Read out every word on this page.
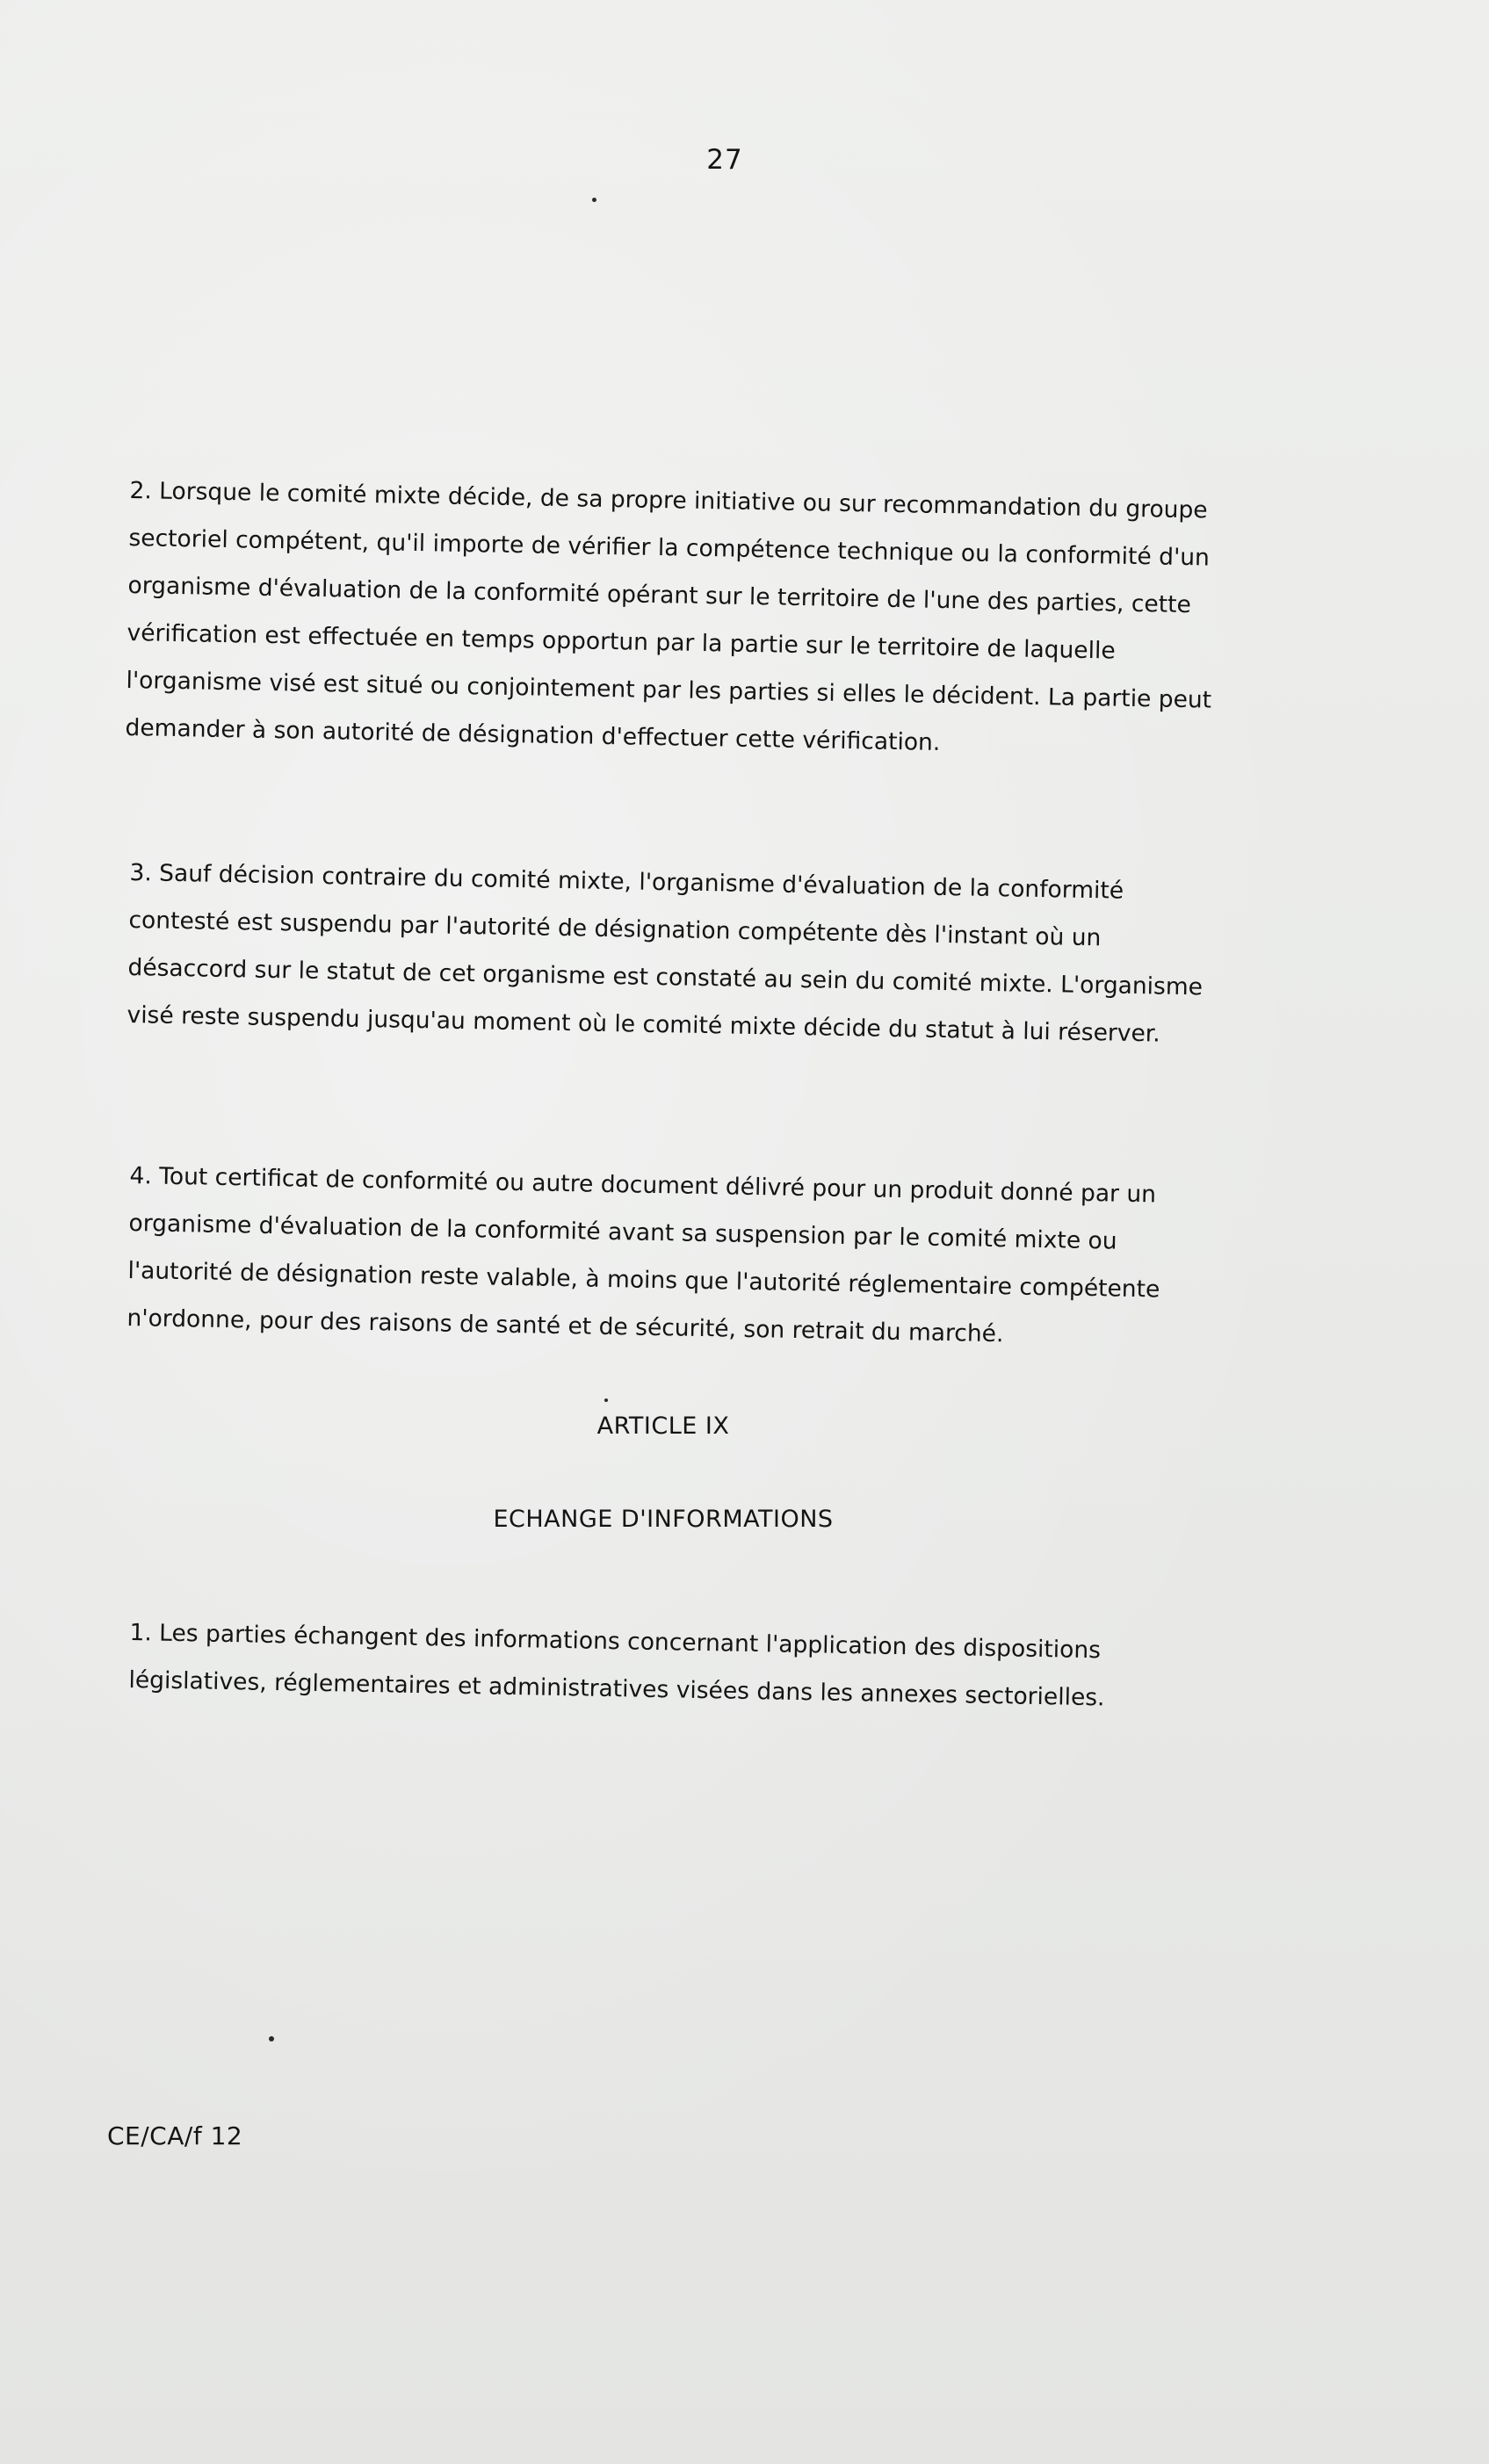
27

2. Lorsque le comité mixte décide, de sa propre initiative ou sur recommandation du groupe sectoriel compétent, qu'il importe de vérifier la compétence technique ou la conformité d'un organisme d'évaluation de la conformité opérant sur le territoire de l'une des parties, cette vérification est effectuée en temps opportun par la partie sur le territoire de laquelle l'organisme visé est situé ou conjointement par les parties si elles le décident. La partie peut demander à son autorité de désignation d'effectuer cette vérification.

3. Sauf décision contraire du comité mixte, l'organisme d'évaluation de la conformité contesté est suspendu par l'autorité de désignation compétente dès l'instant où un désaccord sur le statut de cet organisme est constaté au sein du comité mixte. L'organisme visé reste suspendu jusqu'au moment où le comité mixte décide du statut à lui réserver.

4. Tout certificat de conformité ou autre document délivré pour un produit donné par un organisme d'évaluation de la conformité avant sa suspension par le comité mixte ou l'autorité de désignation reste valable, à moins que l'autorité réglementaire compétente n'ordonne, pour des raisons de santé et de sécurité, son retrait du marché.

ARTICLE IX
ECHANGE D'INFORMATIONS

1. Les parties échangent des informations concernant l'application des dispositions législatives, réglementaires et administratives visées dans les annexes sectorielles.

CE/CA/f 12
